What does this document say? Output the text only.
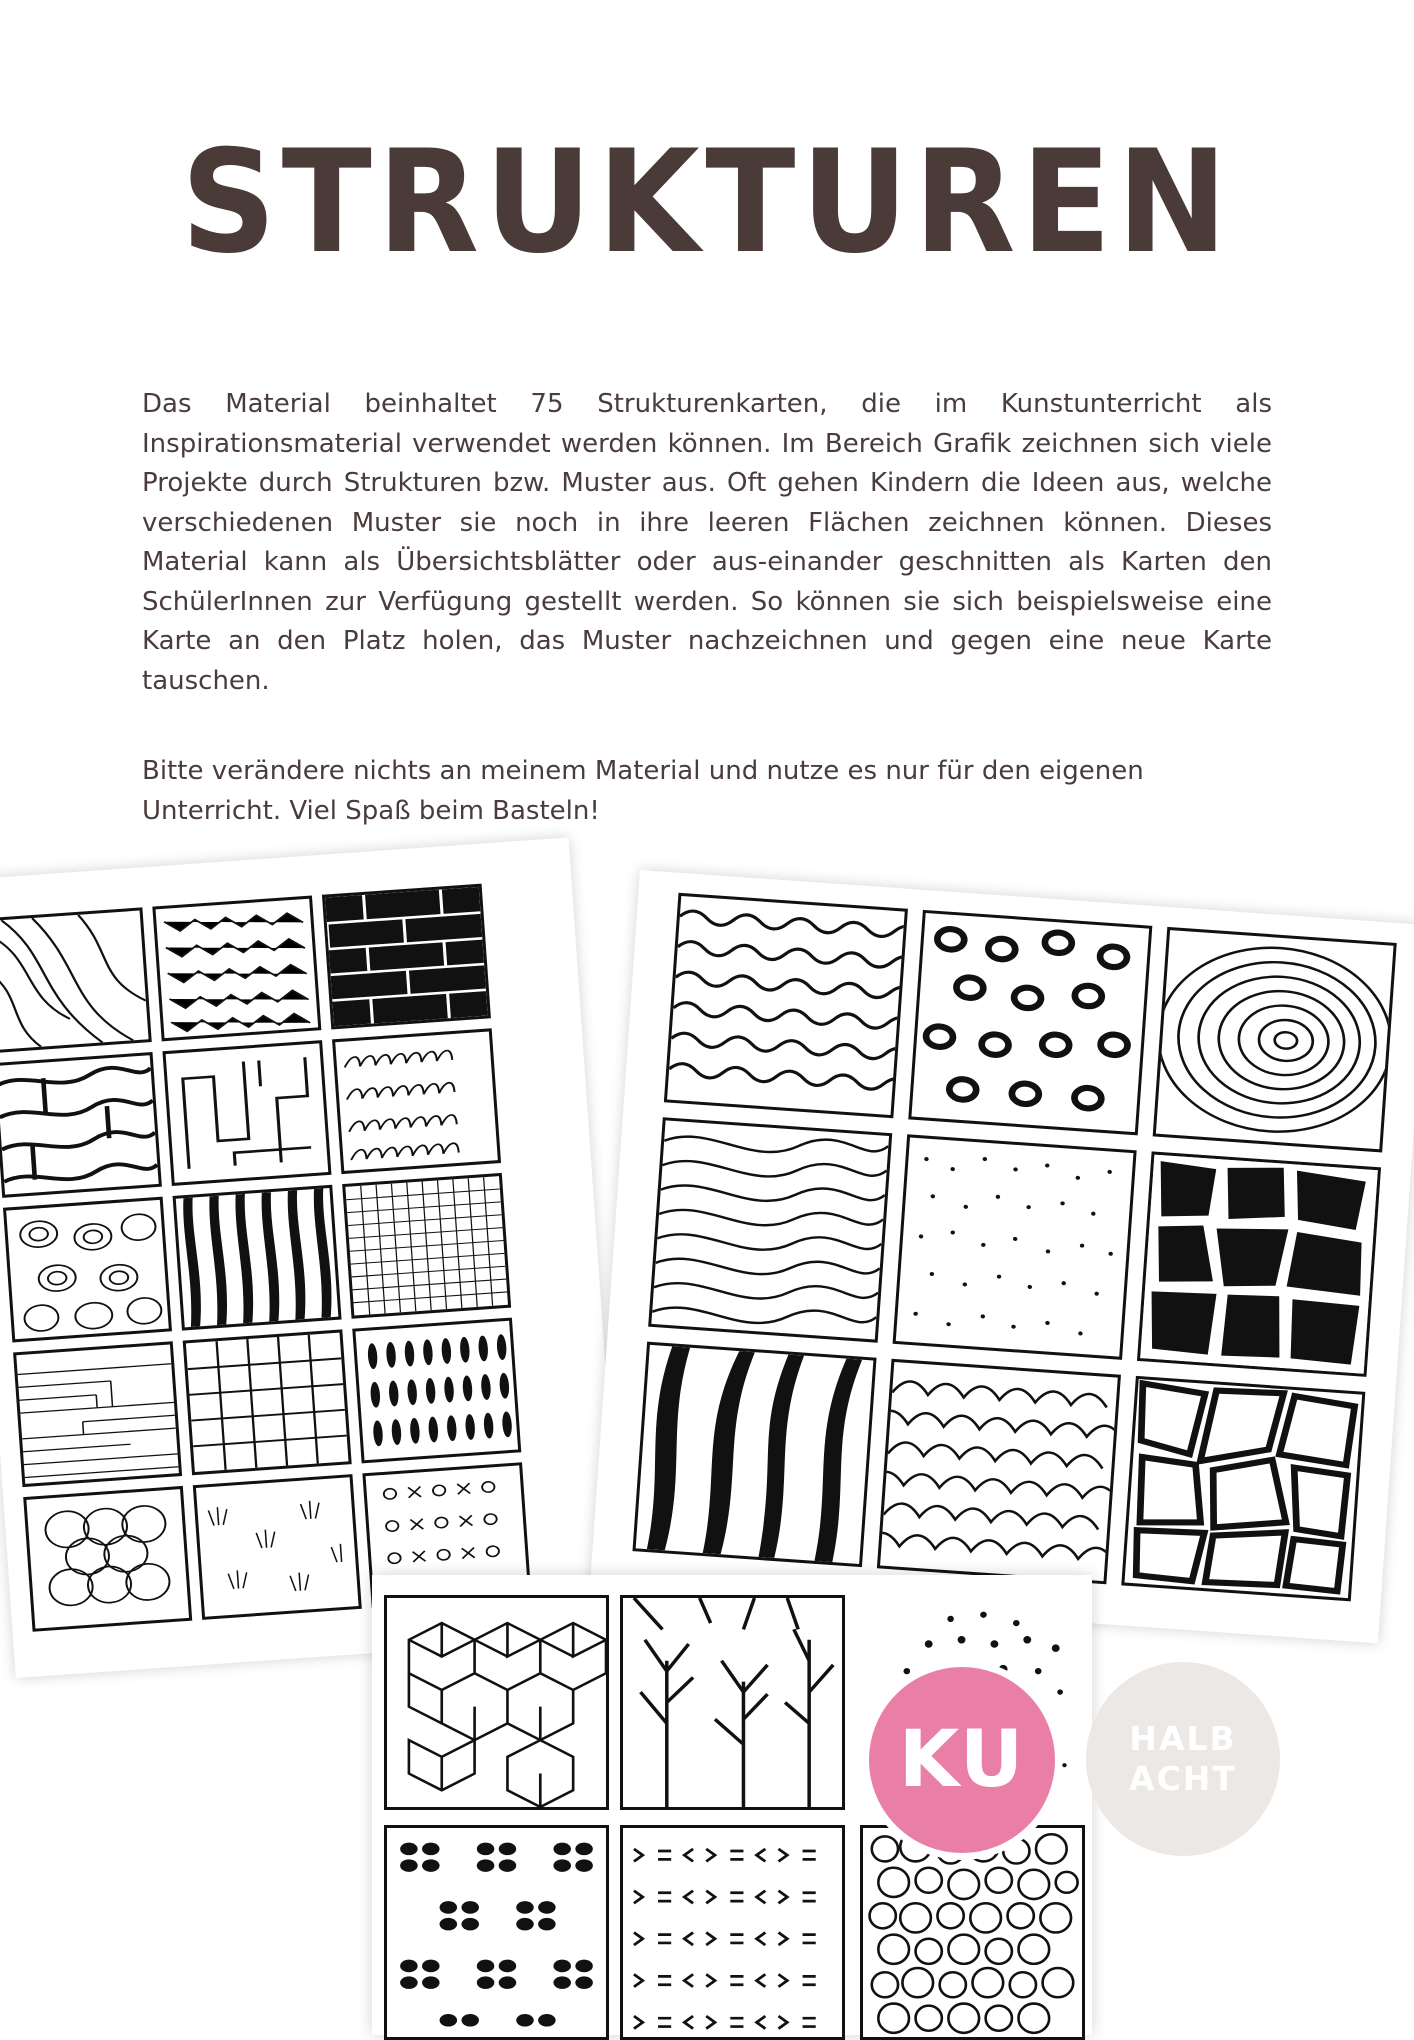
STRUKTUREN

Das Material beinhaltet 75 Strukturenkarten, die im Kunstunterricht als Inspirationsmaterial verwendet werden können. Im Bereich Grafik zeichnen sich viele Projekte durch Strukturen bzw. Muster aus. Oft gehen Kindern die Ideen aus, welche verschiedenen Muster sie noch in ihre leeren Flächen zeichnen können. Dieses Material kann als Übersichtsblätter oder aus-einander geschnitten als Karten den SchülerInnen zur Verfügung gestellt werden. So können sie sich beispielsweise eine Karte an den Platz holen, das Muster nachzeichnen und gegen eine neue Karte tauschen.

Bitte verändere nichts an meinem Material und nutze es nur für den eigenen Unterricht. Viel Spaß beim Basteln!

KU	HALB
ACHT
